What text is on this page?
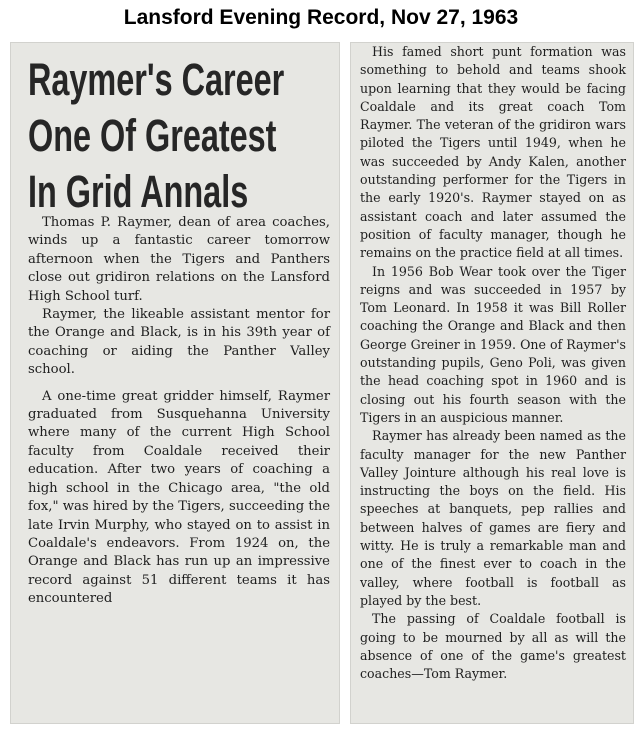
Lansford Evening Record, Nov 27, 1963
Raymer's Career
One Of Greatest
In Grid Annals

Thomas P. Raymer, dean of area coaches, winds up a fantastic career tomorrow afternoon when the Tigers and Panthers close out gridiron relations on the Lansford High School turf.

Raymer, the likeable assistant mentor for the Orange and Black, is in his 39th year of coaching or aiding the Panther Valley school.

A one-time great gridder himself, Raymer graduated from Susquehanna University where many of the current High School faculty from Coaldale received their education. After two years of coaching a high school in the Chicago area, "the old fox," was hired by the Tigers, succeeding the late Irvin Murphy, who stayed on to assist in Coaldale's endeavors. From 1924 on, the Orange and Black has run up an impressive record against 51 different teams it has encountered

His famed short punt formation was something to behold and teams shook upon learning that they would be facing Coaldale and its great coach Tom Raymer. The veteran of the gridiron wars piloted the Tigers until 1949, when he was succeeded by Andy Kalen, another outstanding performer for the Tigers in the early 1920's. Raymer stayed on as assistant coach and later assumed the position of faculty manager, though he remains on the practice field at all times.

In 1956 Bob Wear took over the Tiger reigns and was succeeded in 1957 by Tom Leonard. In 1958 it was Bill Roller coaching the Orange and Black and then George Greiner in 1959. One of Raymer's outstanding pupils, Geno Poli, was given the head coaching spot in 1960 and is closing out his fourth season with the Tigers in an auspicious manner.

Raymer has already been named as the faculty manager for the new Panther Valley Jointure although his real love is instructing the boys on the field. His speeches at banquets, pep rallies and between halves of games are fiery and witty. He is truly a remarkable man and one of the finest ever to coach in the valley, where football is football as played by the best.

The passing of Coaldale football is going to be mourned by all as will the absence of one of the game's greatest coaches—Tom Raymer.
